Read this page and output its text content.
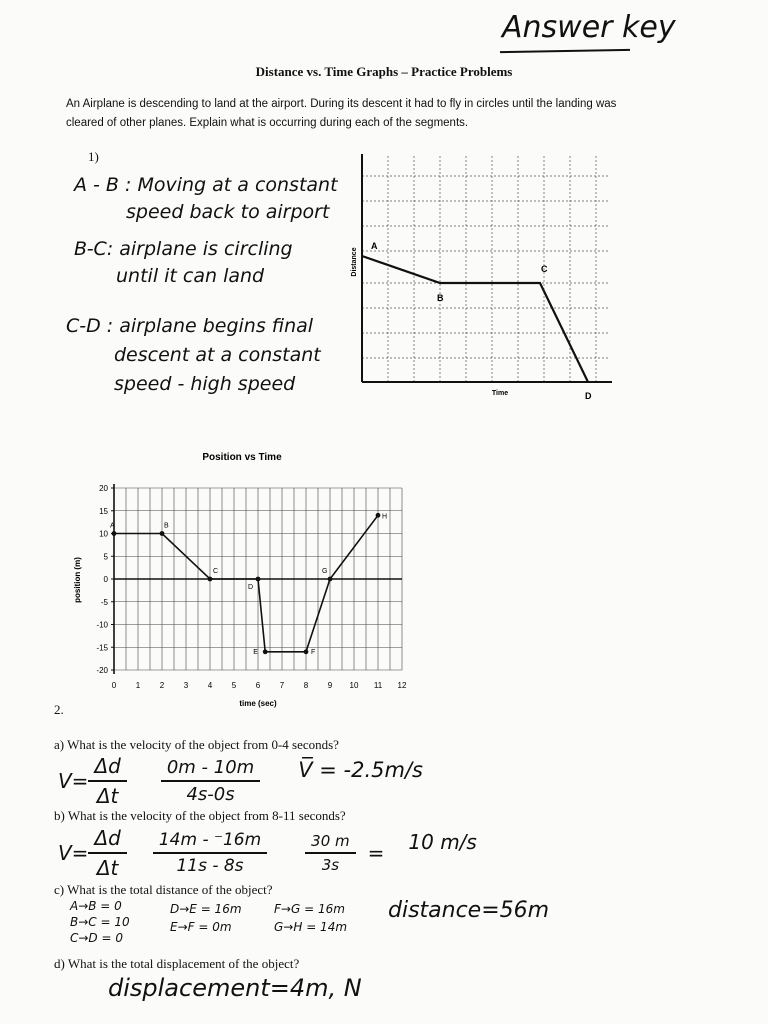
Answer key
Distance vs. Time Graphs – Practice Problems
An Airplane is descending to land at the airport. During its descent it had to fly in circles until the landing was cleared of other planes. Explain what is occurring during each of the segments.
1)
A - B : Moving at a constant
speed back to airport
B-C: airplane is circling
until it can land
C-D : airplane begins final
descent at a constant
speed - high speed
A
B
C
D
Distance
Time
Position vs Time
20
15
10
5
0
-5
-10
-15
-20
0 1 2 3 4 5 6 7 8 9 10 11 12
A	B
C
D
E	F
G
H
position (m)
time (sec)
2.
a) What is the velocity of the object from 0-4 seconds?
$V= \frac{\Delta d}{\Delta t} \frac{0m - 10m}{4s-0s}$ V̅ = -2.5m/s
b) What is the velocity of the object from 8-11 seconds?
$V= \frac{\Delta d}{\Delta t} \frac{14m - ^-16m}{11s - 8s}$	$\frac{30 m}{3s} = 10$ m/s
c) What is the total distance of the object?
A→B = 0
B→C = 10
C→D = 0
D→E = 16m
E→F = 0m
F→G = 16m
G→H = 14m
distance=56m
d) What is the total displacement of the object?
displacement=4m, N
